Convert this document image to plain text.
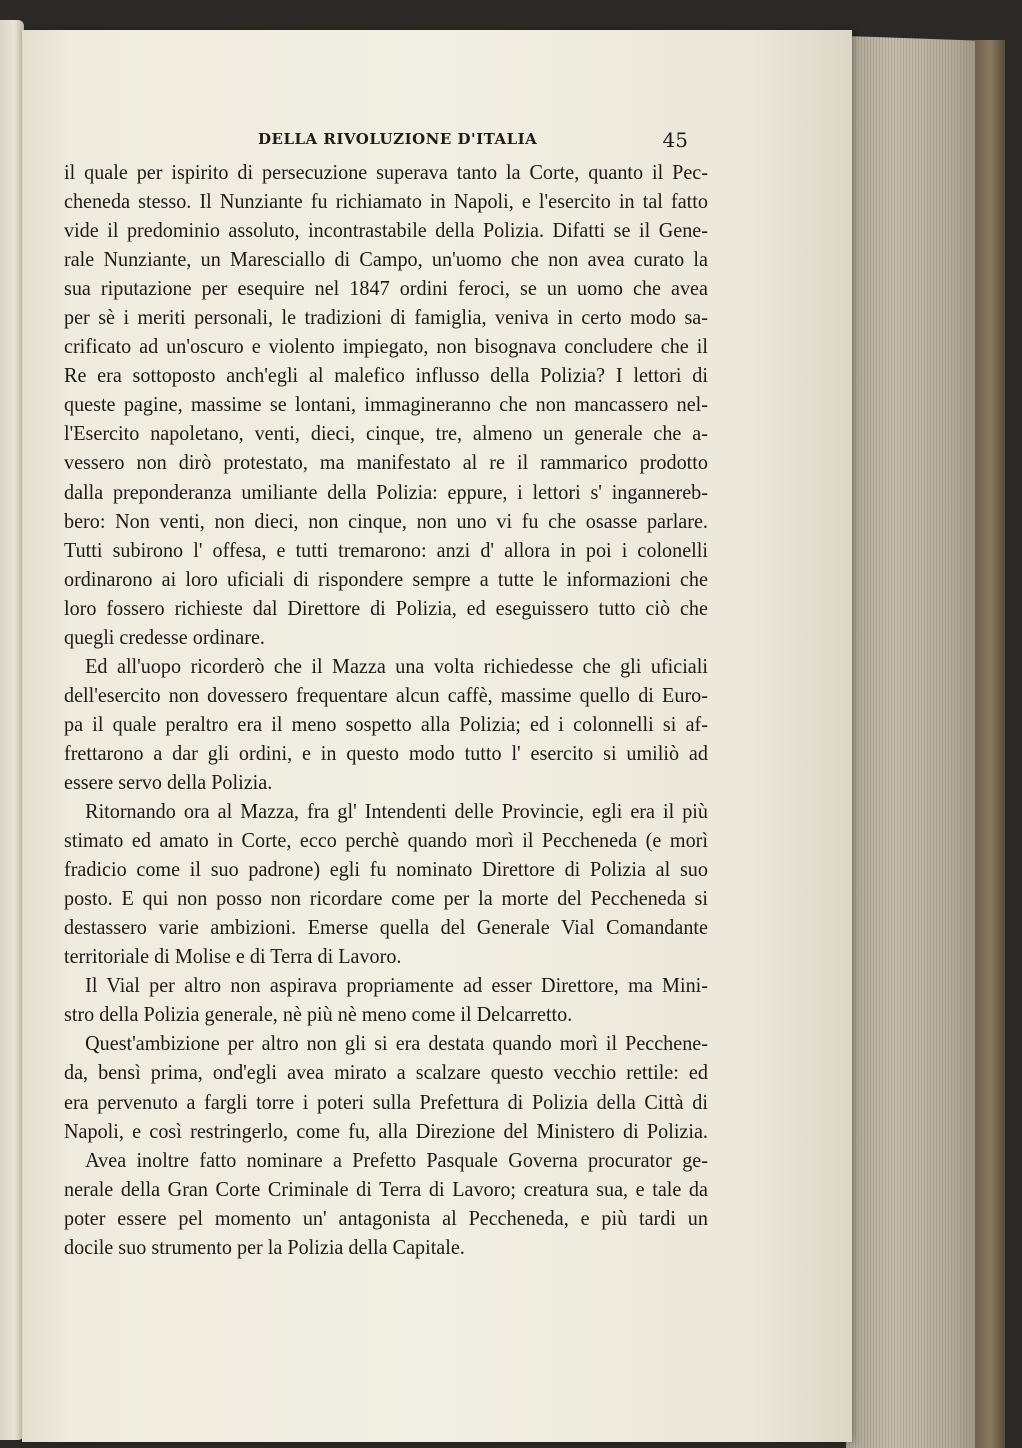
DELLA RIVOLUZIONE D'ITALIA	45
il quale per ispirito di persecuzione superava tanto la Corte, quanto il Pec-
cheneda stesso. Il Nunziante fu richiamato in Napoli, e l'esercito in tal fatto
vide il predominio assoluto, incontrastabile della Polizia. Difatti se il Gene-
rale Nunziante, un Maresciallo di Campo, un'uomo che non avea curato la
sua riputazione per esequire nel 1847 ordini feroci, se un uomo che avea
per sè i meriti personali, le tradizioni di famiglia, veniva in certo modo sa-
crificato ad un'oscuro e violento impiegato, non bisognava concludere che il
Re era sottoposto anch'egli al malefico influsso della Polizia? I lettori di
queste pagine, massime se lontani, immagineranno che non mancassero nel-
l'Esercito napoletano, venti, dieci, cinque, tre, almeno un generale che a-
vessero non dirò protestato, ma manifestato al re il rammarico prodotto
dalla preponderanza umiliante della Polizia: eppure, i lettori s' ingannereb-
bero: Non venti, non dieci, non cinque, non uno vi fu che osasse parlare.
Tutti subirono l' offesa, e tutti tremarono: anzi d' allora in poi i colonelli
ordinarono ai loro uficiali di rispondere sempre a tutte le informazioni che
loro fossero richieste dal Direttore di Polizia, ed eseguissero tutto ciò che
quegli credesse ordinare.
Ed all'uopo ricorderò che il Mazza una volta richiedesse che gli uficiali
dell'esercito non dovessero frequentare alcun caffè, massime quello di Euro-
pa il quale peraltro era il meno sospetto alla Polizia; ed i colonnelli si af-
frettarono a dar gli ordini, e in questo modo tutto l' esercito si umiliò ad
essere servo della Polizia.
Ritornando ora al Mazza, fra gl' Intendenti delle Provincie, egli era il più
stimato ed amato in Corte, ecco perchè quando morì il Peccheneda (e morì
fradicio come il suo padrone) egli fu nominato Direttore di Polizia al suo
posto. E qui non posso non ricordare come per la morte del Peccheneda si
destassero varie ambizioni. Emerse quella del Generale Vial Comandante
territoriale di Molise e di Terra di Lavoro.
Il Vial per altro non aspirava propriamente ad esser Direttore, ma Mini-
stro della Polizia generale, nè più nè meno come il Delcarretto.
Quest'ambizione per altro non gli si era destata quando morì il Pecchene-
da, bensì prima, ond'egli avea mirato a scalzare questo vecchio rettile: ed
era pervenuto a fargli torre i poteri sulla Prefettura di Polizia della Città di
Napoli, e così restringerlo, come fu, alla Direzione del Ministero di Polizia.
Avea inoltre fatto nominare a Prefetto Pasquale Governa procurator ge-
nerale della Gran Corte Criminale di Terra di Lavoro; creatura sua, e tale da
poter essere pel momento un' antagonista al Peccheneda, e più tardi un
docile suo strumento per la Polizia della Capitale.
